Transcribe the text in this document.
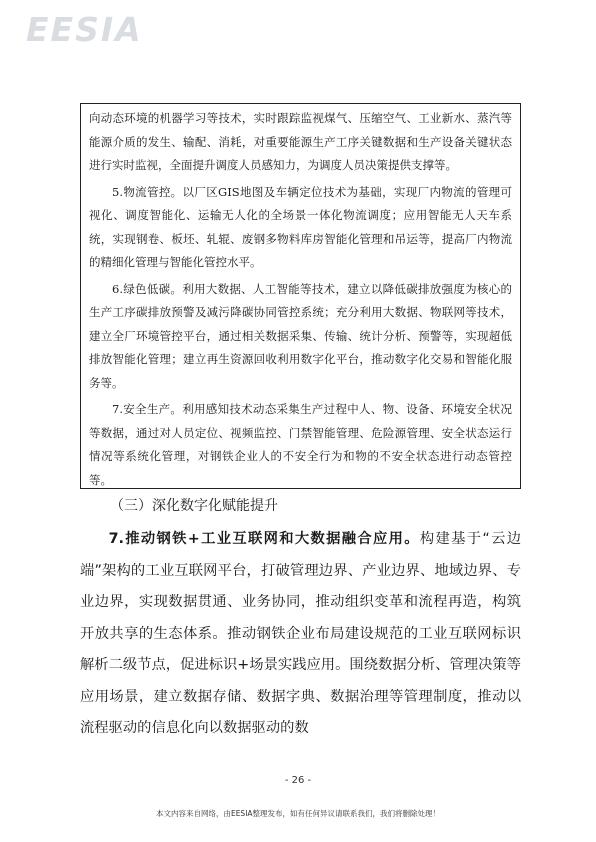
EESIA

向动态环境的机器学习等技术，实时跟踪监视煤气、压缩空气、工业新水、蒸汽等能源介质的发生、输配、消耗，对重要能源生产工序关键数据和生产设备关键状态进行实时监视，全面提升调度人员感知力，为调度人员决策提供支撑等。

5.物流管控。以厂区GIS地图及车辆定位技术为基础，实现厂内物流的管理可视化、调度智能化、运输无人化的全场景一体化物流调度；应用智能无人天车系统，实现钢卷、板坯、轧辊、废钢多物料库房智能化管理和吊运等，提高厂内物流的精细化管理与智能化管控水平。

6.绿色低碳。利用大数据、人工智能等技术，建立以降低碳排放强度为核心的生产工序碳排放预警及减污降碳协同管控系统；充分利用大数据、物联网等技术，建立全厂环境管控平台，通过相关数据采集、传输、统计分析、预警等，实现超低排放智能化管理；建立再生资源回收利用数字化平台，推动数字化交易和智能化服务等。

7.安全生产。利用感知技术动态采集生产过程中人、物、设备、环境安全状况等数据，通过对人员定位、视频监控、门禁智能管理、危险源管理、安全状态运行情况等系统化管理，对钢铁企业人的不安全行为和物的不安全状态进行动态管控等。

（三）深化数字化赋能提升

7.推动钢铁+工业互联网和大数据融合应用。构建基于“云边端”架构的工业互联网平台，打破管理边界、产业边界、地域边界、专业边界，实现数据贯通、业务协同，推动组织变革和流程再造，构筑开放共享的生态体系。推动钢铁企业布局建设规范的工业互联网标识解析二级节点，促进标识+场景实践应用。围绕数据分析、管理决策等应用场景，建立数据存储、数据字典、数据治理等管理制度，推动以流程驱动的信息化向以数据驱动的数

- 26 -
本文内容来自网络，由EESIA整理发布，如有任何异议请联系我们，我们将删除处理！
